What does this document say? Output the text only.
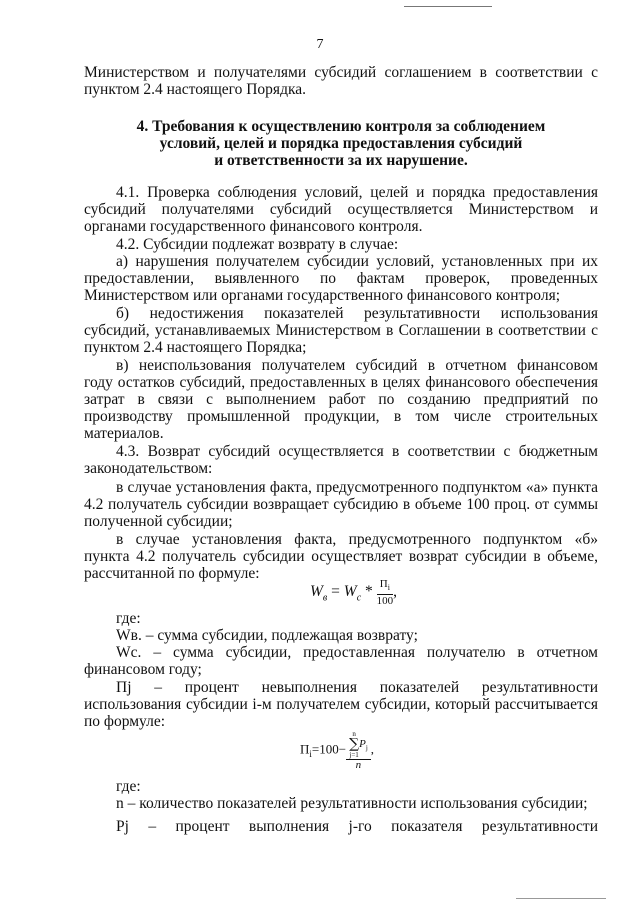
7
Министерством и получателями субсидий соглашением в соответствии с
пунктом 2.4 настоящего Порядка.
4. Требования к осуществлению контроля за соблюдением
условий, целей и порядка предоставления субсидий
и ответственности за их нарушение.
4.1. Проверка соблюдения условий, целей и порядка предоставления
субсидий получателями субсидий осуществляется Министерством и
органами государственного финансового контроля.
4.2. Субсидии подлежат возврату в случае:
а) нарушения получателем субсидии условий, установленных при их
предоставлении, выявленного по фактам проверок, проведенных
Министерством или органами государственного финансового контроля;
б) недостижения показателей результативности использования
субсидий, устанавливаемых Министерством в Соглашении в соответствии с
пунктом 2.4 настоящего Порядка;
в) неиспользования получателем субсидий в отчетном финансовом
году остатков субсидий, предоставленных в целях финансового обеспечения
затрат в связи с выполнением работ по созданию предприятий по
производству промышленной продукции, в том числе строительных
материалов.
4.3. Возврат субсидий осуществляется в соответствии с бюджетным
законодательством:
в случае установления факта, предусмотренного подпунктом «а» пункта
4.2 получатель субсидии возвращает субсидию в объеме 100 проц. от суммы
полученной субсидии;
в случае установления факта, предусмотренного подпунктом «б»
пункта 4.2 получатель субсидии осуществляет возврат субсидии в объеме,
рассчитанной по формуле:
$W_в = W_c * \frac{П_i}{100}$ ,
где:
Wв. – сумма субсидии, подлежащая возврату;
Wc. – сумма субсидии, предоставленная получателю в отчетном
финансовом году;
Пj – процент невыполнения показателей результативности
использования субсидии i-м получателем субсидии, который рассчитывается
по формуле:
$П_i=100- n$
∑
j=1
$P_j$
n ,
где:
n – количество показателей результативности использования субсидии;
Pj – процент выполнения j-го показателя результативности
